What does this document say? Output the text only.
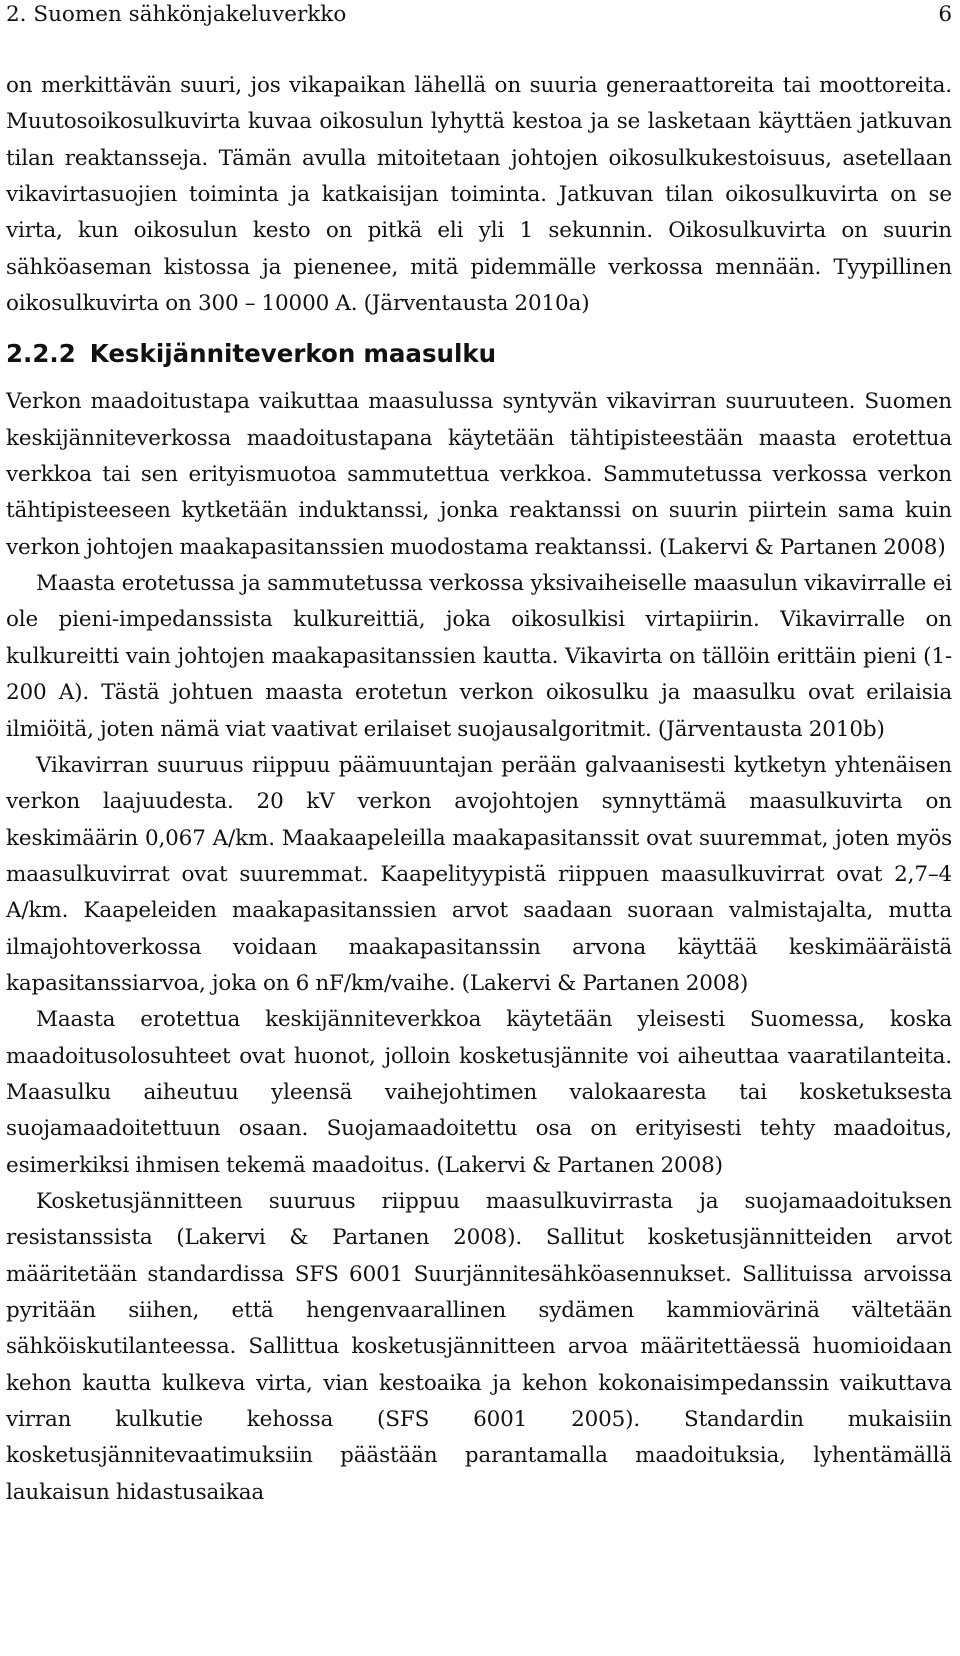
2. Suomen sähkönjakeluverkko	6

on merkittävän suuri, jos vikapaikan lähellä on suuria generaattoreita tai moottoreita. Muutosoikosulkuvirta kuvaa oikosulun lyhyttä kestoa ja se lasketaan käyttäen jatkuvan tilan reaktansseja. Tämän avulla mitoitetaan johtojen oikosulkukestoisuus, asetellaan vikavirtasuojien toiminta ja katkaisijan toiminta. Jatkuvan tilan oikosulkuvirta on se virta, kun oikosulun kesto on pitkä eli yli 1 sekunnin. Oikosulkuvirta on suurin sähköaseman kistossa ja pienenee, mitä pidemmälle verkossa mennään. Tyypillinen oikosulkuvirta on 300 – 10000 A. (Järventausta 2010a)

2.2.2 Keskijänniteverkon maasulku

Verkon maadoitustapa vaikuttaa maasulussa syntyvän vikavirran suuruuteen. Suomen keskijänniteverkossa maadoitustapana käytetään tähtipisteestään maasta erotettua verkkoa tai sen erityismuotoa sammutettua verkkoa. Sammutetussa verkossa verkon tähtipisteeseen kytketään induktanssi, jonka reaktanssi on suurin piirtein sama kuin verkon johtojen maakapasitanssien muodostama reaktanssi. (Lakervi & Partanen 2008)

Maasta erotetussa ja sammutetussa verkossa yksivaiheiselle maasulun vikavirralle ei ole pieni-impedanssista kulkureittiä, joka oikosulkisi virtapiirin. Vikavirralle on kulkureitti vain johtojen maakapasitanssien kautta. Vikavirta on tällöin erittäin pieni (1-200 A). Tästä johtuen maasta erotetun verkon oikosulku ja maasulku ovat erilaisia ilmiöitä, joten nämä viat vaativat erilaiset suojausalgoritmit. (Järventausta 2010b)

Vikavirran suuruus riippuu päämuuntajan perään galvaanisesti kytketyn yhtenäisen verkon laajuudesta. 20 kV verkon avojohtojen synnyttämä maasulkuvirta on keskimäärin 0,067 A/km. Maakaapeleilla maakapasitanssit ovat suuremmat, joten myös maasulkuvirrat ovat suuremmat. Kaapelityypistä riippuen maasulkuvirrat ovat 2,7–4 A/km. Kaapeleiden maakapasitanssien arvot saadaan suoraan valmistajalta, mutta ilmajohtoverkossa voidaan maakapasitanssin arvona käyttää keskimääräistä kapasitanssiarvoa, joka on 6 nF/km/vaihe. (Lakervi & Partanen 2008)

Maasta erotettua keskijänniteverkkoa käytetään yleisesti Suomessa, koska maadoitusolosuhteet ovat huonot, jolloin kosketusjännite voi aiheuttaa vaaratilanteita. Maasulku aiheutuu yleensä vaihejohtimen valokaaresta tai kosketuksesta suojamaadoitettuun osaan. Suojamaadoitettu osa on erityisesti tehty maadoitus, esimerkiksi ihmisen tekemä maadoitus. (Lakervi & Partanen 2008)

Kosketusjännitteen suuruus riippuu maasulkuvirrasta ja suojamaadoituksen resistanssista (Lakervi & Partanen 2008). Sallitut kosketusjännitteiden arvot määritetään standardissa SFS 6001 Suurjännitesähköasennukset. Sallituissa arvoissa pyritään siihen, että hengenvaarallinen sydämen kammiovärinä vältetään sähköiskutilanteessa. Sallittua kosketusjännitteen arvoa määritettäessä huomioidaan kehon kautta kulkeva virta, vian kestoaika ja kehon kokonaisimpedanssin vaikuttava virran kulkutie kehossa (SFS 6001 2005). Standardin mukaisiin kosketusjännitevaatimuksiin päästään parantamalla maadoituksia, lyhentämällä laukaisun hidastusaikaa
